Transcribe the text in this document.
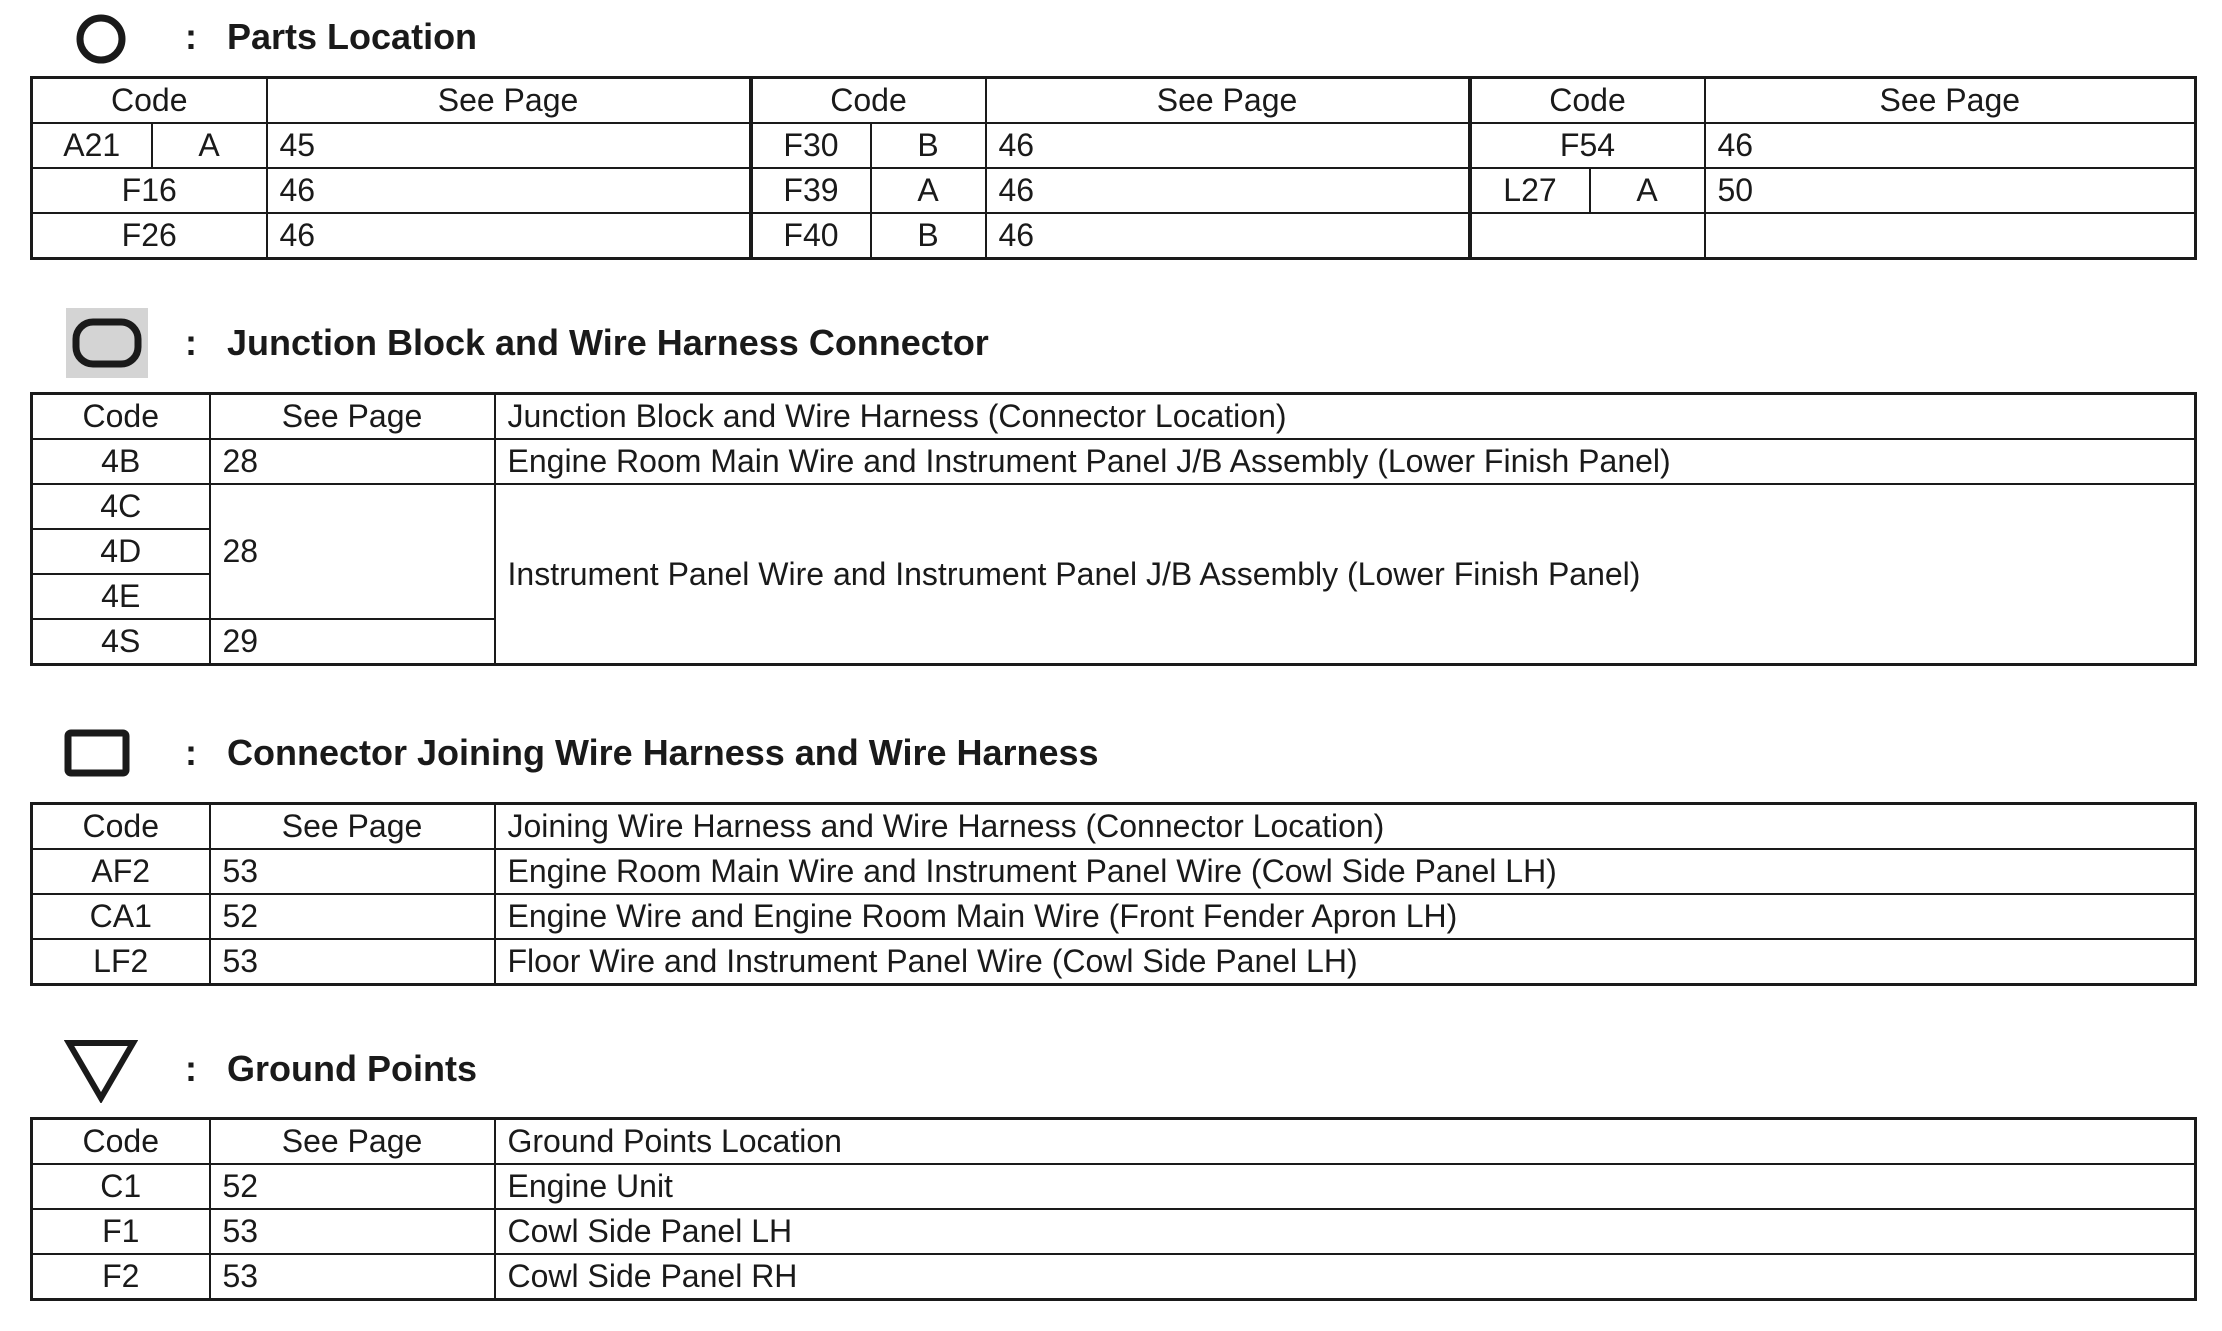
: Parts Location
Code		See Page	Code		See Page	Code		See Page
A21	A	45	F30	B	46	F54		46
F16		46	F39	A	46	L27	A	50
F26		46	F40	B	46			
: Junction Block and Wire Harness Connector
Code	See Page	Junction Block and Wire Harness (Connector Location)
4B	28	Engine Room Main Wire and Instrument Panel J/B Assembly (Lower Finish Panel)
4C	28	Instrument Panel Wire and Instrument Panel J/B Assembly (Lower Finish Panel)
4D		
4E		
4S	29	
: Connector Joining Wire Harness and Wire Harness
Code	See Page	Joining Wire Harness and Wire Harness (Connector Location)
AF2	53	Engine Room Main Wire and Instrument Panel Wire (Cowl Side Panel LH)
CA1	52	Engine Wire and Engine Room Main Wire (Front Fender Apron LH)
LF2	53	Floor Wire and Instrument Panel Wire (Cowl Side Panel LH)
: Ground Points
Code	See Page	Ground Points Location
C1	52	Engine Unit
F1	53	Cowl Side Panel LH
F2	53	Cowl Side Panel RH
